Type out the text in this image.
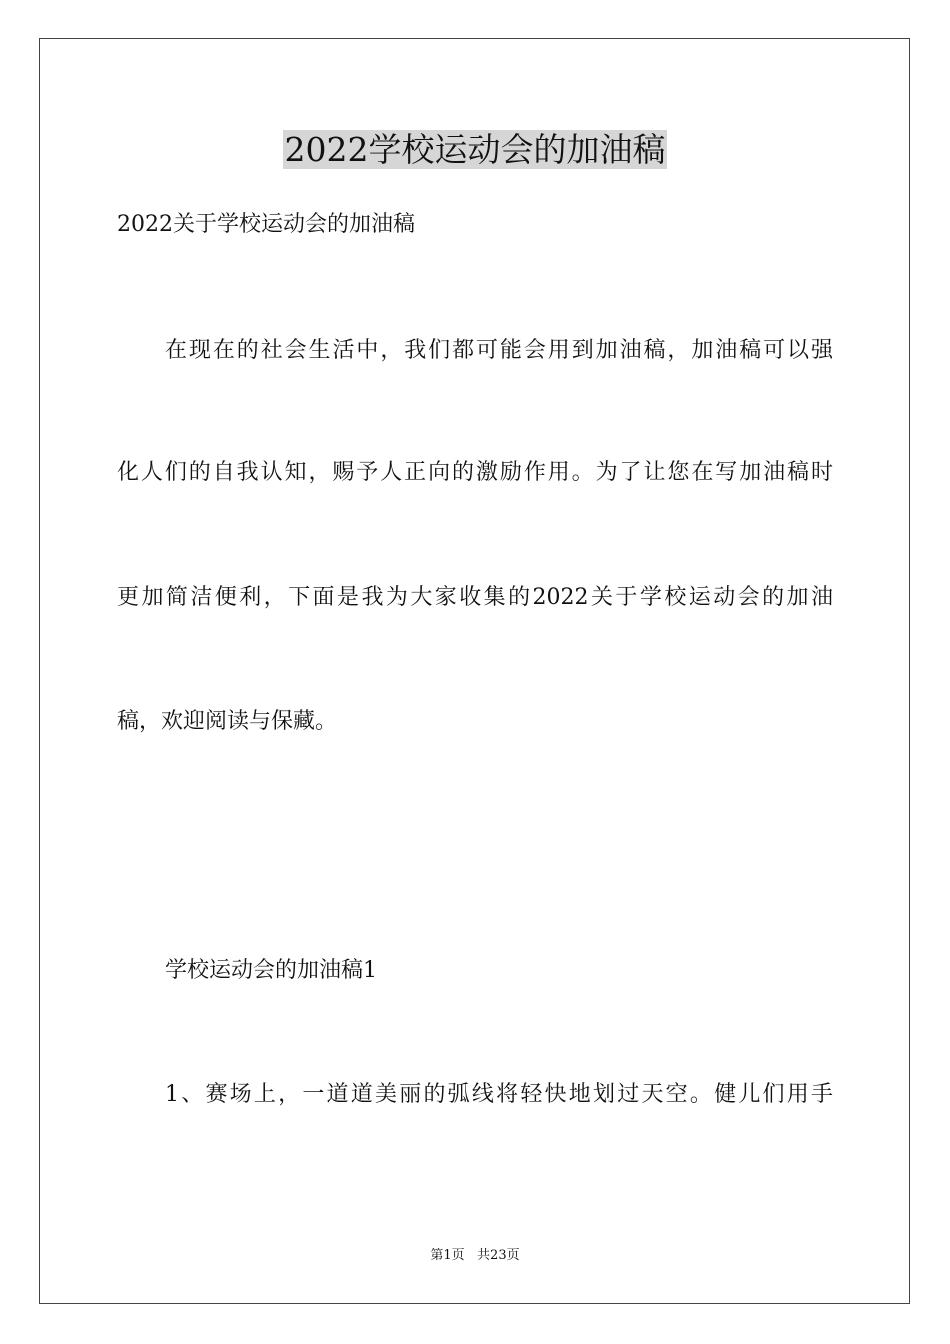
2022学校运动会的加油稿

2022关于学校运动会的加油稿

在现在的社会生活中，我们都可能会用到加油稿，加油稿可以强

化人们的自我认知，赐予人正向的激励作用。为了让您在写加油稿时

更加简洁便利，下面是我为大家收集的2022关于学校运动会的加油

稿，欢迎阅读与保藏。

学校运动会的加油稿1

1、赛场上，一道道美丽的弧线将轻快地划过天空。健儿们用手

第1页   共23页
